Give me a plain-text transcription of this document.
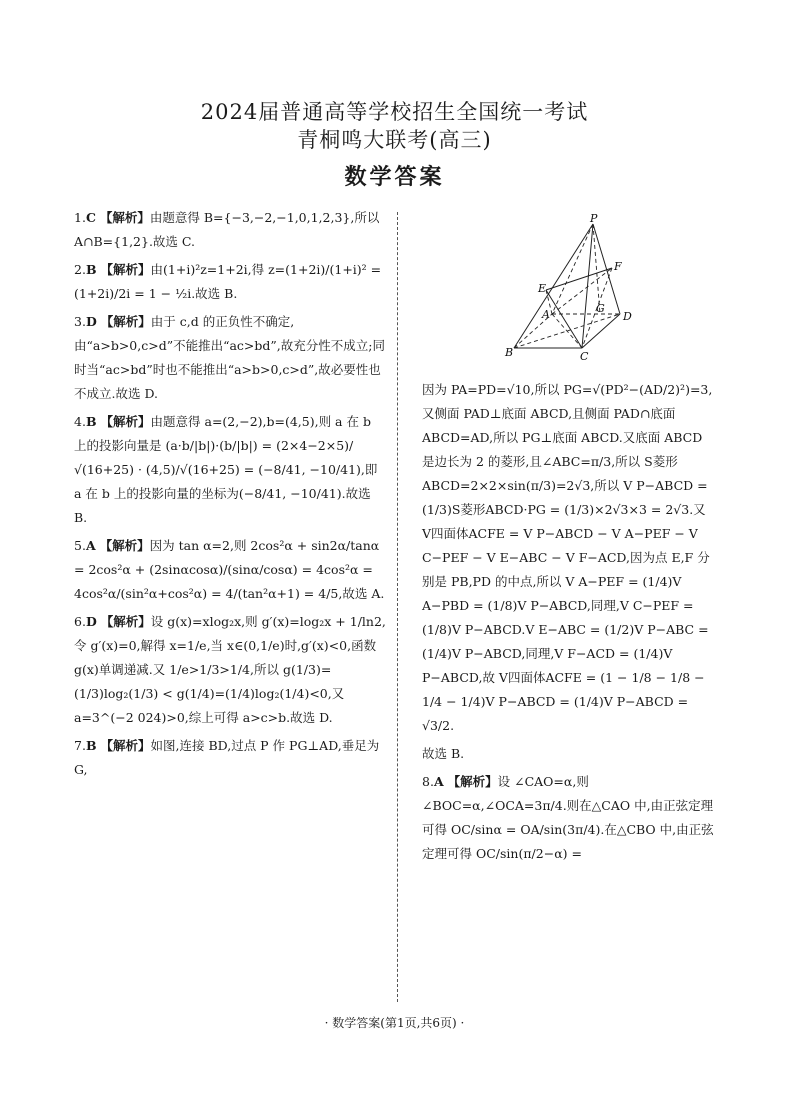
2024届普通高等学校招生全国统一考试
青桐鸣大联考(高三)
数学答案
1.C 【解析】由题意得 B={−3,−2,−1,0,1,2,3},所以 A∩B={1,2}.故选 C.
2.B 【解析】由(1+i)²z=1+2i,得 z=(1+2i)/(1+i)² = (1+2i)/2i = 1 − ½i.故选 B.
3.D 【解析】由于 c,d 的正负性不确定,由“a>b>0,c>d”不能推出“ac>bd”,故充分性不成立;同时当“ac>bd”时也不能推出“a>b>0,c>d”,故必要性也不成立.故选 D.
4.B 【解析】由题意得 a=(2,−2),b=(4,5),则 a 在 b 上的投影向量是 (a·b/|b|)·(b/|b|) = (2×4−2×5)/√(16+25) · (4,5)/√(16+25) = (−8/41, −10/41),即 a 在 b 上的投影向量的坐标为(−8/41, −10/41).故选 B.
5.A 【解析】因为 tan α=2,则 2cos²α + sin2α/tanα = 2cos²α + (2sinαcosα)/(sinα/cosα) = 4cos²α = 4cos²α/(sin²α+cos²α) = 4/(tan²α+1) = 4/5,故选 A.
6.D 【解析】设 g(x)=xlog₂x,则 g′(x)=log₂x + 1/ln2,令 g′(x)=0,解得 x=1/e,当 x∈(0,1/e)时,g′(x)<0,函数 g(x)单调递减.又 1/e>1/3>1/4,所以 g(1/3)=(1/3)log₂(1/3) < g(1/4)=(1/4)log₂(1/4)<0,又 a=3^(−2 024)>0,综上可得 a>c>b.故选 D.
7.B 【解析】如图,连接 BD,过点 P 作 PG⊥AD,垂足为 G,
P
F
E
A	G
D
B	C
因为 PA=PD=√10,所以 PG=√(PD²−(AD/2)²)=3,又侧面 PAD⊥底面 ABCD,且侧面 PAD∩底面 ABCD=AD,所以 PG⊥底面 ABCD.又底面 ABCD 是边长为 2 的菱形,且∠ABC=π/3,所以 S菱形ABCD=2×2×sin(π/3)=2√3,所以 V P−ABCD = (1/3)S菱形ABCD·PG = (1/3)×2√3×3 = 2√3.又 V四面体ACFE = V P−ABCD − V A−PEF − V C−PEF − V E−ABC − V F−ACD,因为点 E,F 分别是 PB,PD 的中点,所以 V A−PEF = (1/4)V A−PBD = (1/8)V P−ABCD,同理,V C−PEF = (1/8)V P−ABCD.V E−ABC = (1/2)V P−ABC = (1/4)V P−ABCD,同理,V F−ACD = (1/4)V P−ABCD,故 V四面体ACFE = (1 − 1/8 − 1/8 − 1/4 − 1/4)V P−ABCD = (1/4)V P−ABCD = √3/2.
故选 B.
8.A 【解析】设 ∠CAO=α,则 ∠BOC=α,∠OCA=3π/4.则在△CAO 中,由正弦定理可得 OC/sinα = OA/sin(3π/4).在△CBO 中,由正弦定理可得 OC/sin(π/2−α) =
· 数学答案(第1页,共6页) ·
